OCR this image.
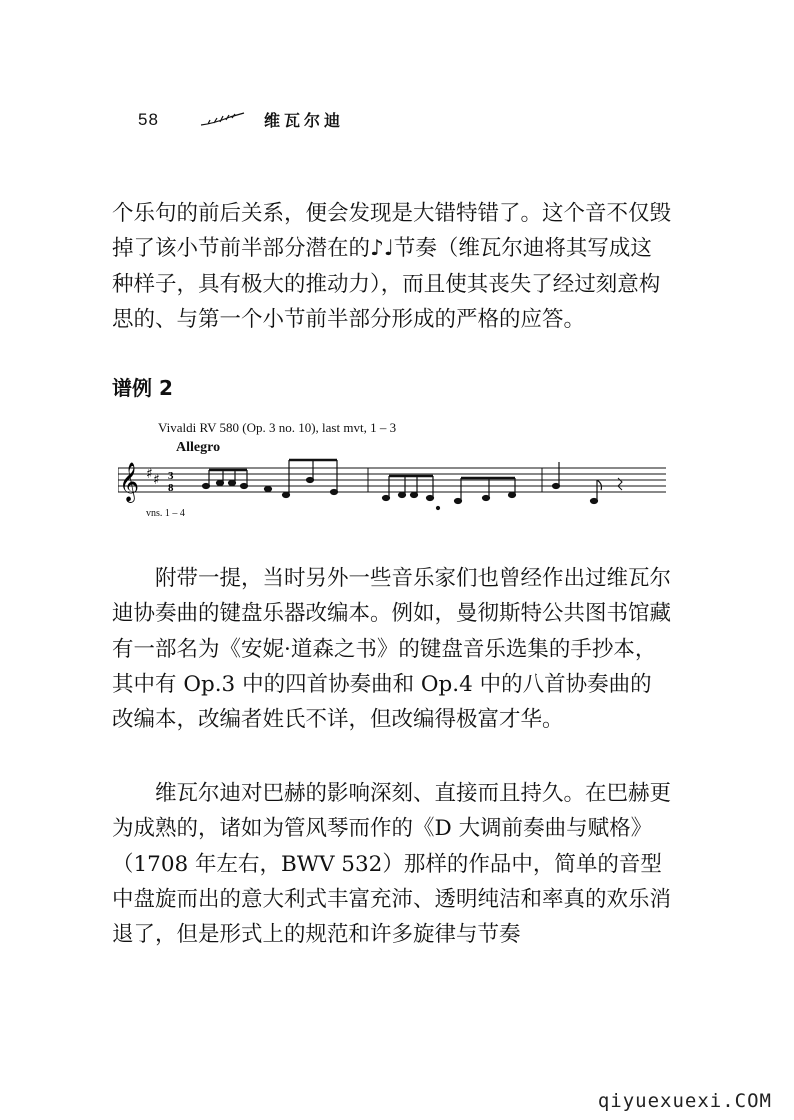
58	维瓦尔迪

个乐句的前后关系，便会发现是大错特错了。这个音不仅毁掉了该小节前半部分潜在的♪♩节奏（维瓦尔迪将其写成这种样子，具有极大的推动力），而且使其丧失了经过刻意构思的、与第一个小节前半部分形成的严格的应答。

谱例 2

Vivaldi RV 580 (Op. 3 no. 10), last mvt, 1 – 3
Allegro
vns. 1 – 4
𝄞 ♯ ♯ 3
8

附带一提，当时另外一些音乐家们也曾经作出过维瓦尔迪协奏曲的键盘乐器改编本。例如，曼彻斯特公共图书馆藏有一部名为《安妮·道森之书》的键盘音乐选集的手抄本，其中有 Op.3 中的四首协奏曲和 Op.4 中的八首协奏曲的改编本，改编者姓氏不详，但改编得极富才华。

维瓦尔迪对巴赫的影响深刻、直接而且持久。在巴赫更为成熟的，诸如为管风琴而作的《D 大调前奏曲与赋格》（1708 年左右，BWV 532）那样的作品中，简单的音型中盘旋而出的意大利式丰富充沛、透明纯洁和率真的欢乐消退了，但是形式上的规范和许多旋律与节奏

qiyuexuexi.COM
